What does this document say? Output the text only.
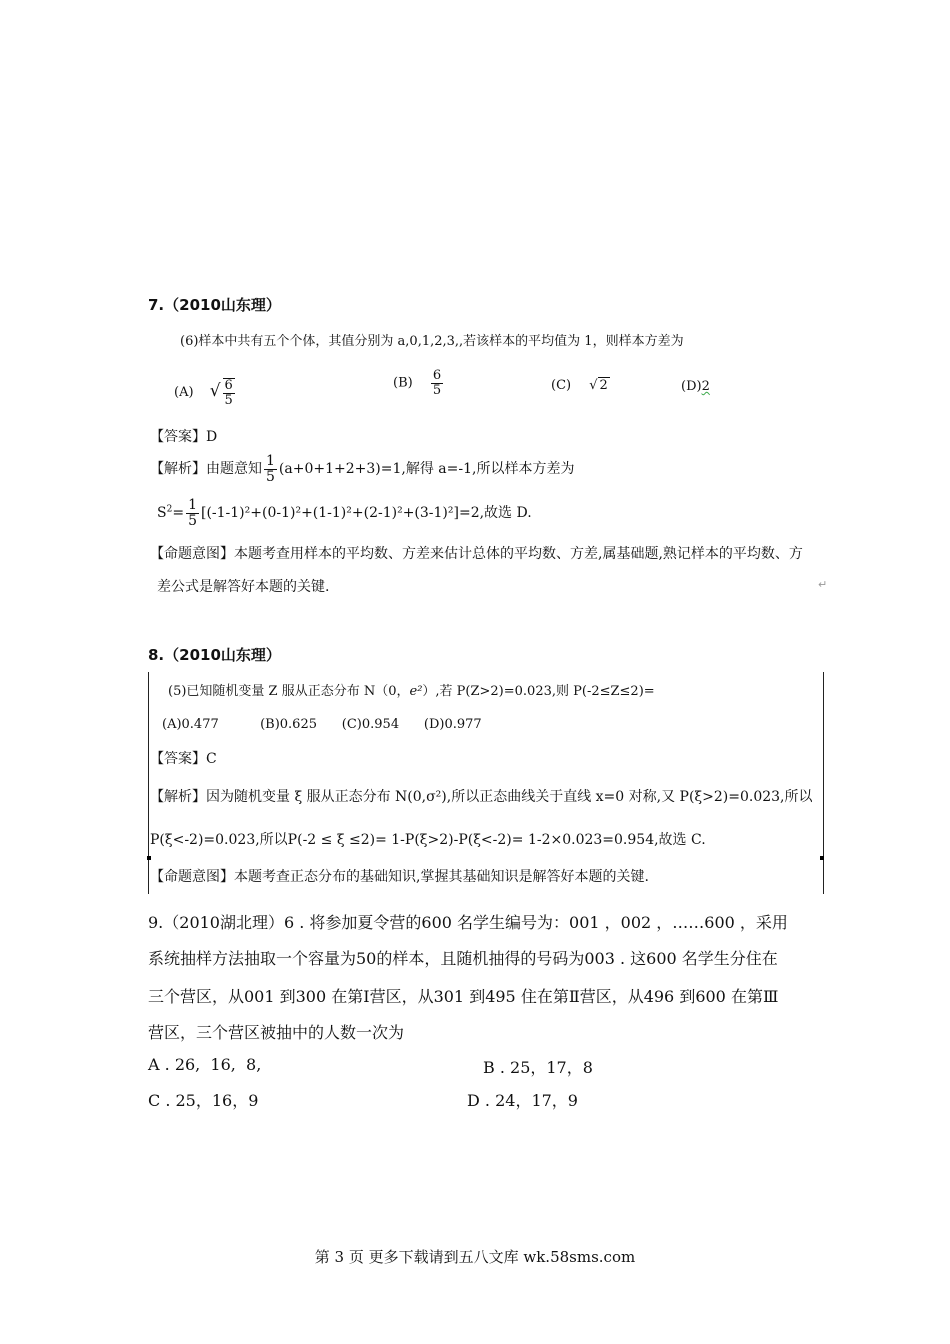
7.（2010山东理）
(6)样本中共有五个个体，其值分别为 a,0,1,2,3,,若该样本的平均值为 1，则样本方差为
(A) √ $\frac{6}{5}$	$(B) \frac{6}{5}$	(C) √ 2	(D)2
【答案】D
【解析】由题意知 $\frac{1}{5} (a+0+1+2+3)=1$,解得 a=-1,所以样本方差为
$S^2= \frac{1}{5} [(-1-1)^2+(0-1)^2+(1-1)^2+(2-1)^2+(3-1)^2]=2$,故选 D.
【命题意图】本题考查用样本的平均数、方差来估计总体的平均数、方差,属基础题,熟记样本的平均数、方
差公式是解答好本题的关键.	↵
8.（2010山东理）
(5)已知随机变量 Z 服从正态分布 N（0，e²）,若 P(Z>2)=0.023,则 P(-2≤Z≤2)=
(A)0.477          (B)0.625      (C)0.954      (D)0.977
【答案】C
【解析】因为随机变量 ξ 服从正态分布 N(0,σ²),所以正态曲线关于直线 x=0 对称,又 P(ξ>2)=0.023,所以
P(ξ<-2)=0.023,所以P(-2 ≤ ξ ≤2)= 1-P(ξ>2)-P(ξ<-2)= 1-2×0.023=0.954,故选 C.
【命题意图】本题考查正态分布的基础知识,掌握其基础知识是解答好本题的关键.
9.（2010湖北理）6 . 将参加夏令营的600 名学生编号为：001 ，002 ，……600 ，采用
系统抽样方法抽取一个容量为50的样本，且随机抽得的号码为003 . 这600 名学生分住在
三个营区，从001 到300 在第Ⅰ营区，从301 到495 住在第Ⅱ营区，从496 到600 在第Ⅲ
营区，三个营区被抽中的人数一次为
A . 26,  16,  8,	B . 25，17，8
C . 25，16，9	D . 24，17，9
第 3 页 更多下载请到五八文库 wk.58sms.com
